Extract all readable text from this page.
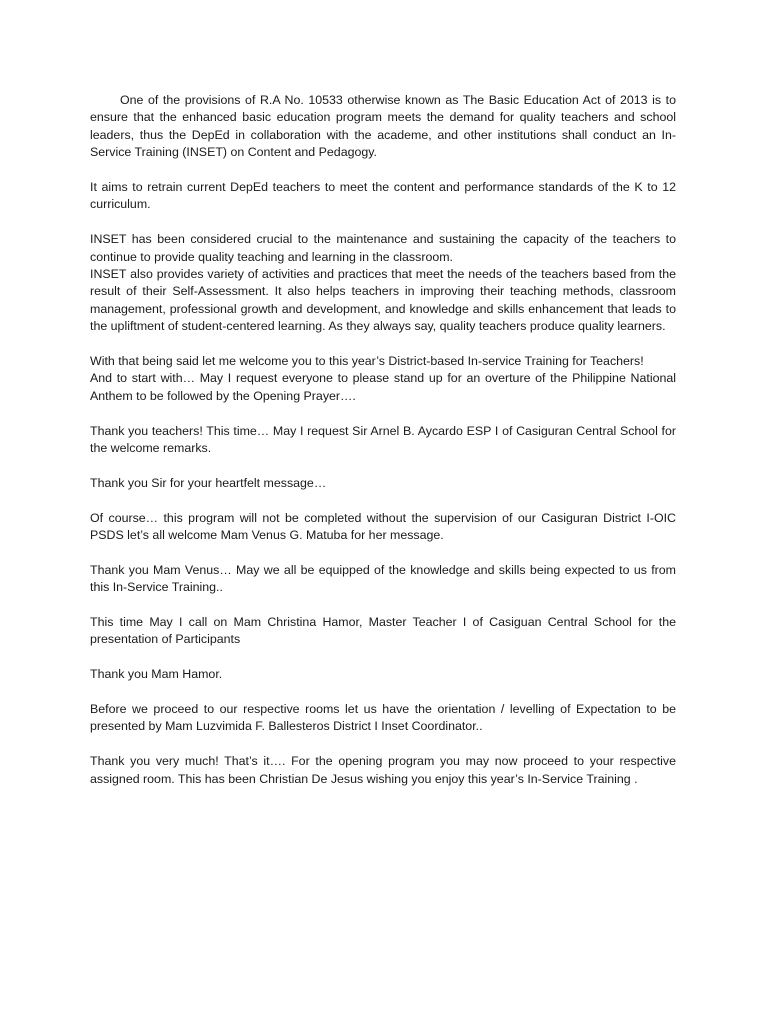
One of the provisions of R.A No. 10533 otherwise known as The Basic Education Act of 2013 is to ensure that the enhanced basic education program meets the demand for quality teachers and school leaders, thus the DepEd in collaboration with the academe, and other institutions shall conduct an In-Service Training (INSET) on Content and Pedagogy.

It aims to retrain current DepEd teachers to meet the content and performance standards of the K to 12 curriculum.

INSET has been considered crucial to the maintenance and sustaining the capacity of the teachers to continue to provide quality teaching and learning in the classroom.

INSET also provides variety of activities and practices that meet the needs of the teachers based from the result of their Self-Assessment. It also helps teachers in improving their teaching methods, classroom management, professional growth and development, and knowledge and skills enhancement that leads to the upliftment of student-centered learning. As they always say, quality teachers produce quality learners.

With that being said let me welcome you to this year’s District-based In-service Training for Teachers!

And to start with… May I request everyone to please stand up for an overture of the Philippine National Anthem to be followed by the Opening Prayer….

Thank you teachers! This time… May I request Sir Arnel B. Aycardo ESP I of Casiguran Central School for the welcome remarks.

Thank you Sir for your heartfelt message…

Of course… this program will not be completed without the supervision of our Casiguran District I-OIC PSDS let’s all welcome Mam Venus G. Matuba for her message.

Thank you Mam Venus… May we all be equipped of the knowledge and skills being expected to us from this In-Service Training..

This time May I call on Mam Christina Hamor, Master Teacher I of Casiguan Central School for the presentation of Participants

Thank you Mam Hamor.

Before we proceed to our respective rooms let us have the orientation / levelling of Expectation to be presented by Mam Luzvimida F. Ballesteros District I Inset Coordinator..

Thank you very much! That’s it…. For the opening program you may now proceed to your respective assigned room. This has been Christian De Jesus wishing you enjoy this year’s In-Service Training .
